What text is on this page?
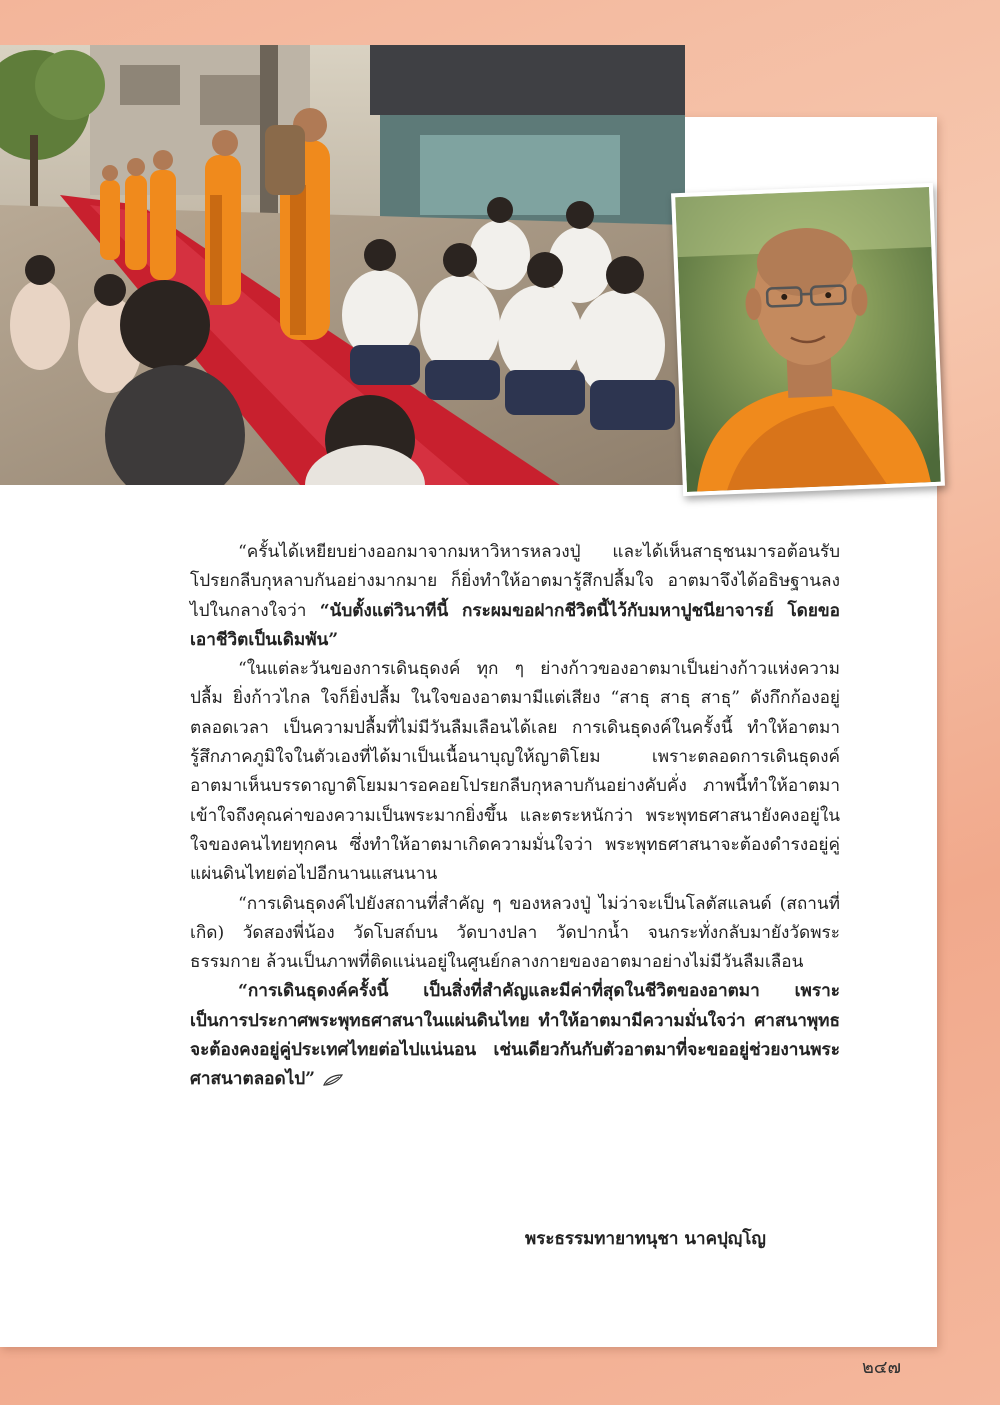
“ครั้นได้เหยียบย่างออกมาจากมหาวิหารหลวงปู่ และได้เห็นสาธุชนมารอต้อนรับโปรยกลีบกุหลาบกันอย่างมากมาย ก็ยิ่งทำให้อาตมารู้สึกปลื้มใจ อาตมาจึงได้อธิษฐานลงไปในกลางใจว่า “นับตั้งแต่วินาทีนี้ กระผมขอฝากชีวิตนี้ไว้กับมหาปูชนียาจารย์ โดยขอเอาชีวิตเป็นเดิมพัน”

“ในแต่ละวันของการเดินธุดงค์ ทุก ๆ ย่างก้าวของอาตมาเป็นย่างก้าวแห่งความปลื้ม ยิ่งก้าวไกล ใจก็ยิ่งปลื้ม ในใจของอาตมามีแต่เสียง “สาธุ สาธุ สาธุ” ดังกึกก้องอยู่ตลอดเวลา เป็นความปลื้มที่ไม่มีวันลืมเลือนได้เลย การเดินธุดงค์ในครั้งนี้ ทำให้อาตมารู้สึกภาคภูมิใจในตัวเองที่ได้มาเป็นเนื้อนาบุญให้ญาติโยม เพราะตลอดการเดินธุดงค์ อาตมาเห็นบรรดาญาติโยมมารอคอยโปรยกลีบกุหลาบกันอย่างคับคั่ง ภาพนี้ทำให้อาตมาเข้าใจถึงคุณค่าของความเป็นพระมากยิ่งขึ้น และตระหนักว่า พระพุทธศาสนายังคงอยู่ในใจของคนไทยทุกคน ซึ่งทำให้อาตมาเกิดความมั่นใจว่า พระพุทธศาสนาจะต้องดำรงอยู่คู่แผ่นดินไทยต่อไปอีกนานแสนนาน

“การเดินธุดงค์ไปยังสถานที่สำคัญ ๆ ของหลวงปู่ ไม่ว่าจะเป็นโลตัสแลนด์ (สถานที่เกิด) วัดสองพี่น้อง วัดโบสถ์บน วัดบางปลา วัดปากน้ำ จนกระทั่งกลับมายังวัดพระธรรมกาย ล้วนเป็นภาพที่ติดแน่นอยู่ในศูนย์กลางกายของอาตมาอย่างไม่มีวันลืมเลือน

“การเดินธุดงค์ครั้งนี้ เป็นสิ่งที่สำคัญและมีค่าที่สุดในชีวิตของอาตมา เพราะเป็นการประกาศพระพุทธศาสนาในแผ่นดินไทย ทำให้อาตมามีความมั่นใจว่า ศาสนาพุทธจะต้องคงอยู่คู่ประเทศไทยต่อไปแน่นอน เช่นเดียวกันกับตัวอาตมาที่จะขออยู่ช่วยงานพระศาสนาตลอดไป”

พระธรรมทายาทนุชา นาคปุญฺโญ
๒๔๗
